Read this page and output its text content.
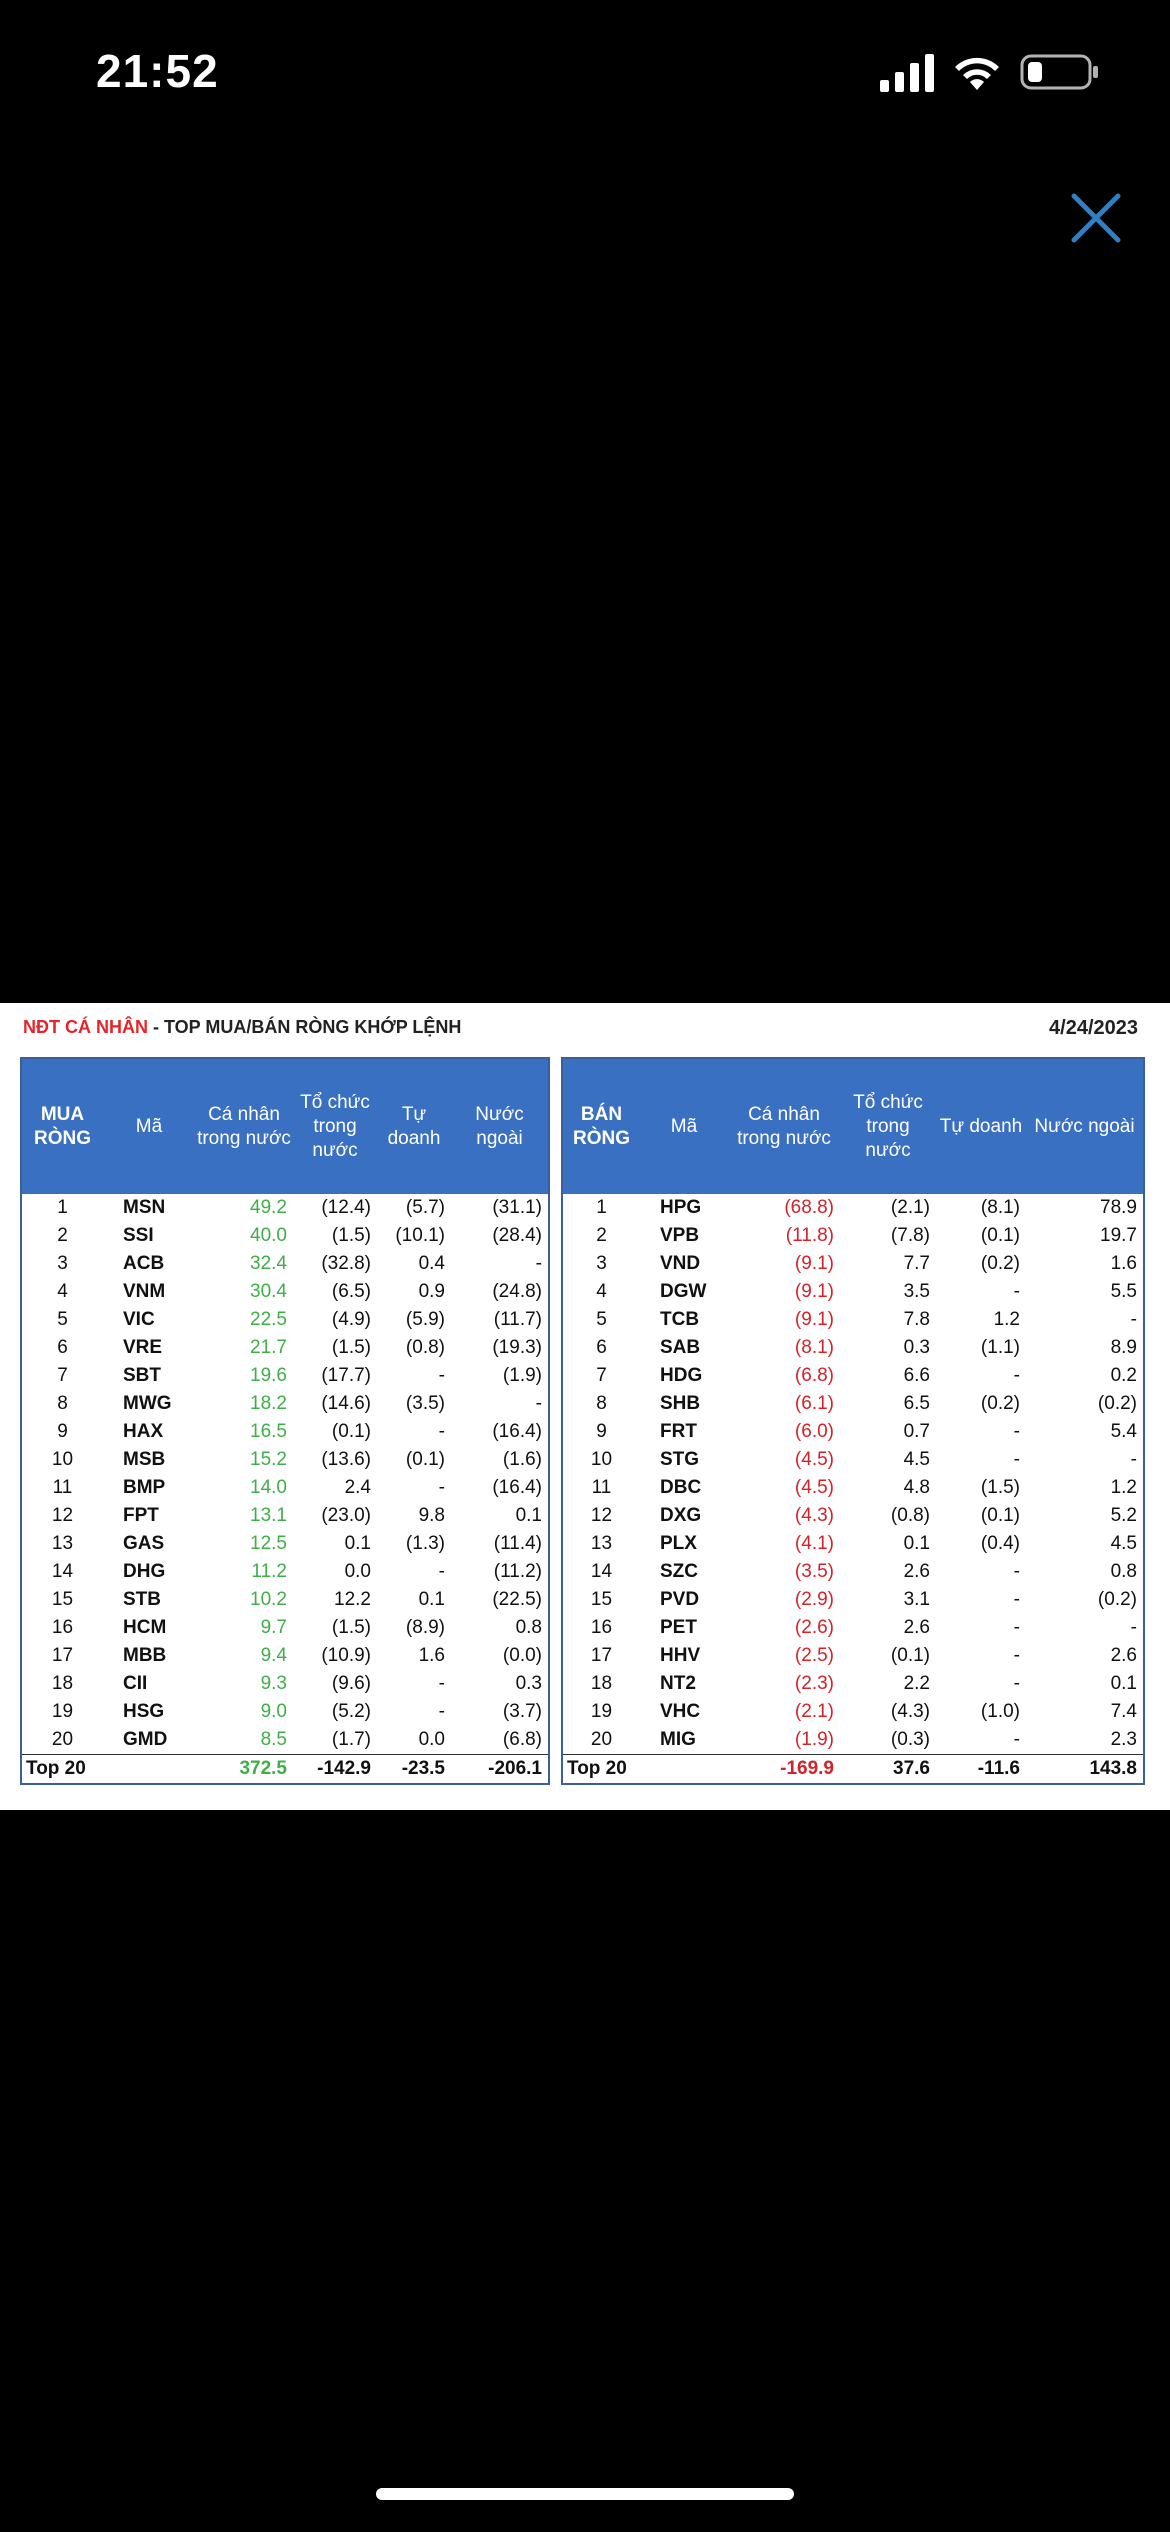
21:52
NĐT CÁ NHÂN - TOP MUA/BÁN RÒNG KHỚP LỆNH	4/24/2023
MUA RÒNG	Mã	Cá nhân trong nước	Tổ chức trong nước	Tự doanh	Nước ngoài
1	MSN	49.2	(12.4)	(5.7)	(31.1)
2	SSI	40.0	(1.5)	(10.1)	(28.4)
3	ACB	32.4	(32.8)	0.4	-
4	VNM	30.4	(6.5)	0.9	(24.8)
5	VIC	22.5	(4.9)	(5.9)	(11.7)
6	VRE	21.7	(1.5)	(0.8)	(19.3)
7	SBT	19.6	(17.7)	-	(1.9)
8	MWG	18.2	(14.6)	(3.5)	-
9	HAX	16.5	(0.1)	-	(16.4)
10	MSB	15.2	(13.6)	(0.1)	(1.6)
11	BMP	14.0	2.4	-	(16.4)
12	FPT	13.1	(23.0)	9.8	0.1
13	GAS	12.5	0.1	(1.3)	(11.4)
14	DHG	11.2	0.0	-	(11.2)
15	STB	10.2	12.2	0.1	(22.5)
16	HCM	9.7	(1.5)	(8.9)	0.8
17	MBB	9.4	(10.9)	1.6	(0.0)
18	CII	9.3	(9.6)	-	0.3
19	HSG	9.0	(5.2)	-	(3.7)
20	GMD	8.5	(1.7)	0.0	(6.8)
Top 20		372.5	-142.9	-23.5	-206.1
BÁN RÒNG	Mã	Cá nhân trong nước	Tổ chức trong nước	Tự doanh	Nước ngoài
1	HPG	(68.8)	(2.1)	(8.1)	78.9
2	VPB	(11.8)	(7.8)	(0.1)	19.7
3	VND	(9.1)	7.7	(0.2)	1.6
4	DGW	(9.1)	3.5	-	5.5
5	TCB	(9.1)	7.8	1.2	-
6	SAB	(8.1)	0.3	(1.1)	8.9
7	HDG	(6.8)	6.6	-	0.2
8	SHB	(6.1)	6.5	(0.2)	(0.2)
9	FRT	(6.0)	0.7	-	5.4
10	STG	(4.5)	4.5	-	-
11	DBC	(4.5)	4.8	(1.5)	1.2
12	DXG	(4.3)	(0.8)	(0.1)	5.2
13	PLX	(4.1)	0.1	(0.4)	4.5
14	SZC	(3.5)	2.6	-	0.8
15	PVD	(2.9)	3.1	-	(0.2)
16	PET	(2.6)	2.6	-	-
17	HHV	(2.5)	(0.1)	-	2.6
18	NT2	(2.3)	2.2	-	0.1
19	VHC	(2.1)	(4.3)	(1.0)	7.4
20	MIG	(1.9)	(0.3)	-	2.3
Top 20		-169.9	37.6	-11.6	143.8
